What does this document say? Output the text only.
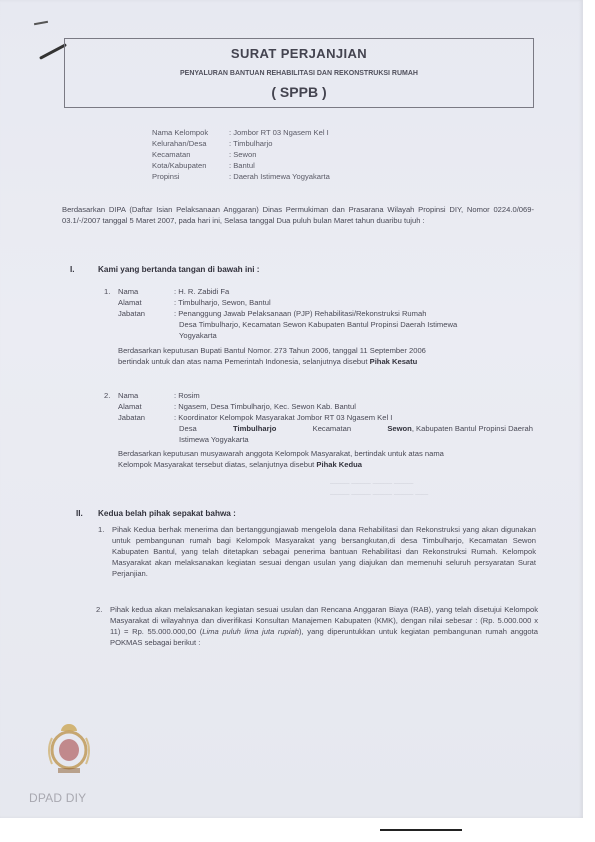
SURAT PERJANJIAN
PENYALURAN BANTUAN REHABILITASI DAN REKONSTRUKSI RUMAH
( SPPB )
Nama Kelompok	: Jombor RT 03 Ngasem Kel I
Kelurahan/Desa	: Timbulharjo
Kecamatan	: Sewon
Kota/Kabupaten	: Bantul
Propinsi	: Daerah Istimewa Yogyakarta
Berdasarkan DIPA (Daftar Isian Pelaksanaan Anggaran) Dinas Permukiman dan Prasarana Wilayah Propinsi DIY, Nomor 0224.0/069-03.1/-/2007 tanggal 5 Maret 2007, pada hari ini, Selasa tanggal Dua puluh bulan Maret tahun duaribu tujuh :
I.	Kami yang bertanda tangan di bawah ini :
1. Nama	: H. R. Zabidi Fa
Alamat	: Timbulharjo, Sewon, Bantul
Jabatan	: Penanggung Jawab Pelaksanaan (PJP) Rehabilitasi/Rekonstruksi Rumah
Desa Timbulharjo, Kecamatan Sewon Kabupaten Bantul Propinsi Daerah Istimewa
Yogyakarta
Berdasarkan keputusan Bupati Bantul Nomor. 273 Tahun 2006, tanggal 11 September 2006
bertindak untuk dan atas nama Pemerintah Indonesia, selanjutnya disebut Pihak Kesatu
2. Nama	: Rosim
Alamat	: Ngasem, Desa Timbulharjo, Kec. Sewon Kab. Bantul
Jabatan	: Koordinator Kelompok Masyarakat Jombor RT 03 Ngasem Kel I
Desa	Timbulharjo	Kecamatan	Sewon, Kabupaten Bantul Propinsi Daerah
Istimewa Yogyakarta
Berdasarkan keputusan musyawarah anggota Kelompok Masyarakat, bertindak untuk atas nama
Kelompok Masyarakat tersebut diatas, selanjutnya disebut Pihak Kedua
——— ——— ——— ———
——— ——— ——— ——— ——
II. Kedua belah pihak sepakat bahwa :
1. Pihak Kedua berhak menerima dan bertanggungjawab mengelola dana Rehabilitasi dan Rekonstruksi yang akan digunakan untuk pembangunan rumah bagi Kelompok Masyarakat yang bersangkutan,di desa Timbulharjo, Kecamatan Sewon Kabupaten Bantul, yang telah ditetapkan sebagai penerima bantuan Rehabilitasi dan Rekonstruksi Rumah. Kelompok Masyarakat akan melaksanakan kegiatan sesuai dengan usulan yang diajukan dan memenuhi seluruh persyaratan Surat Perjanjian.
2. Pihak kedua akan melaksanakan kegiatan sesuai usulan dan Rencana Anggaran Biaya (RAB), yang telah disetujui Kelompok Masyarakat di wilayahnya dan diverifikasi Konsultan Manajemen Kabupaten (KMK), dengan nilai sebesar : (Rp. 5.000.000 x 11) = Rp. 55.000.000,00 (Lima puluh lima juta rupiah), yang diperuntukkan untuk kegiatan pembangunan rumah anggota POKMAS sebagai berikut :
DPAD DIY
